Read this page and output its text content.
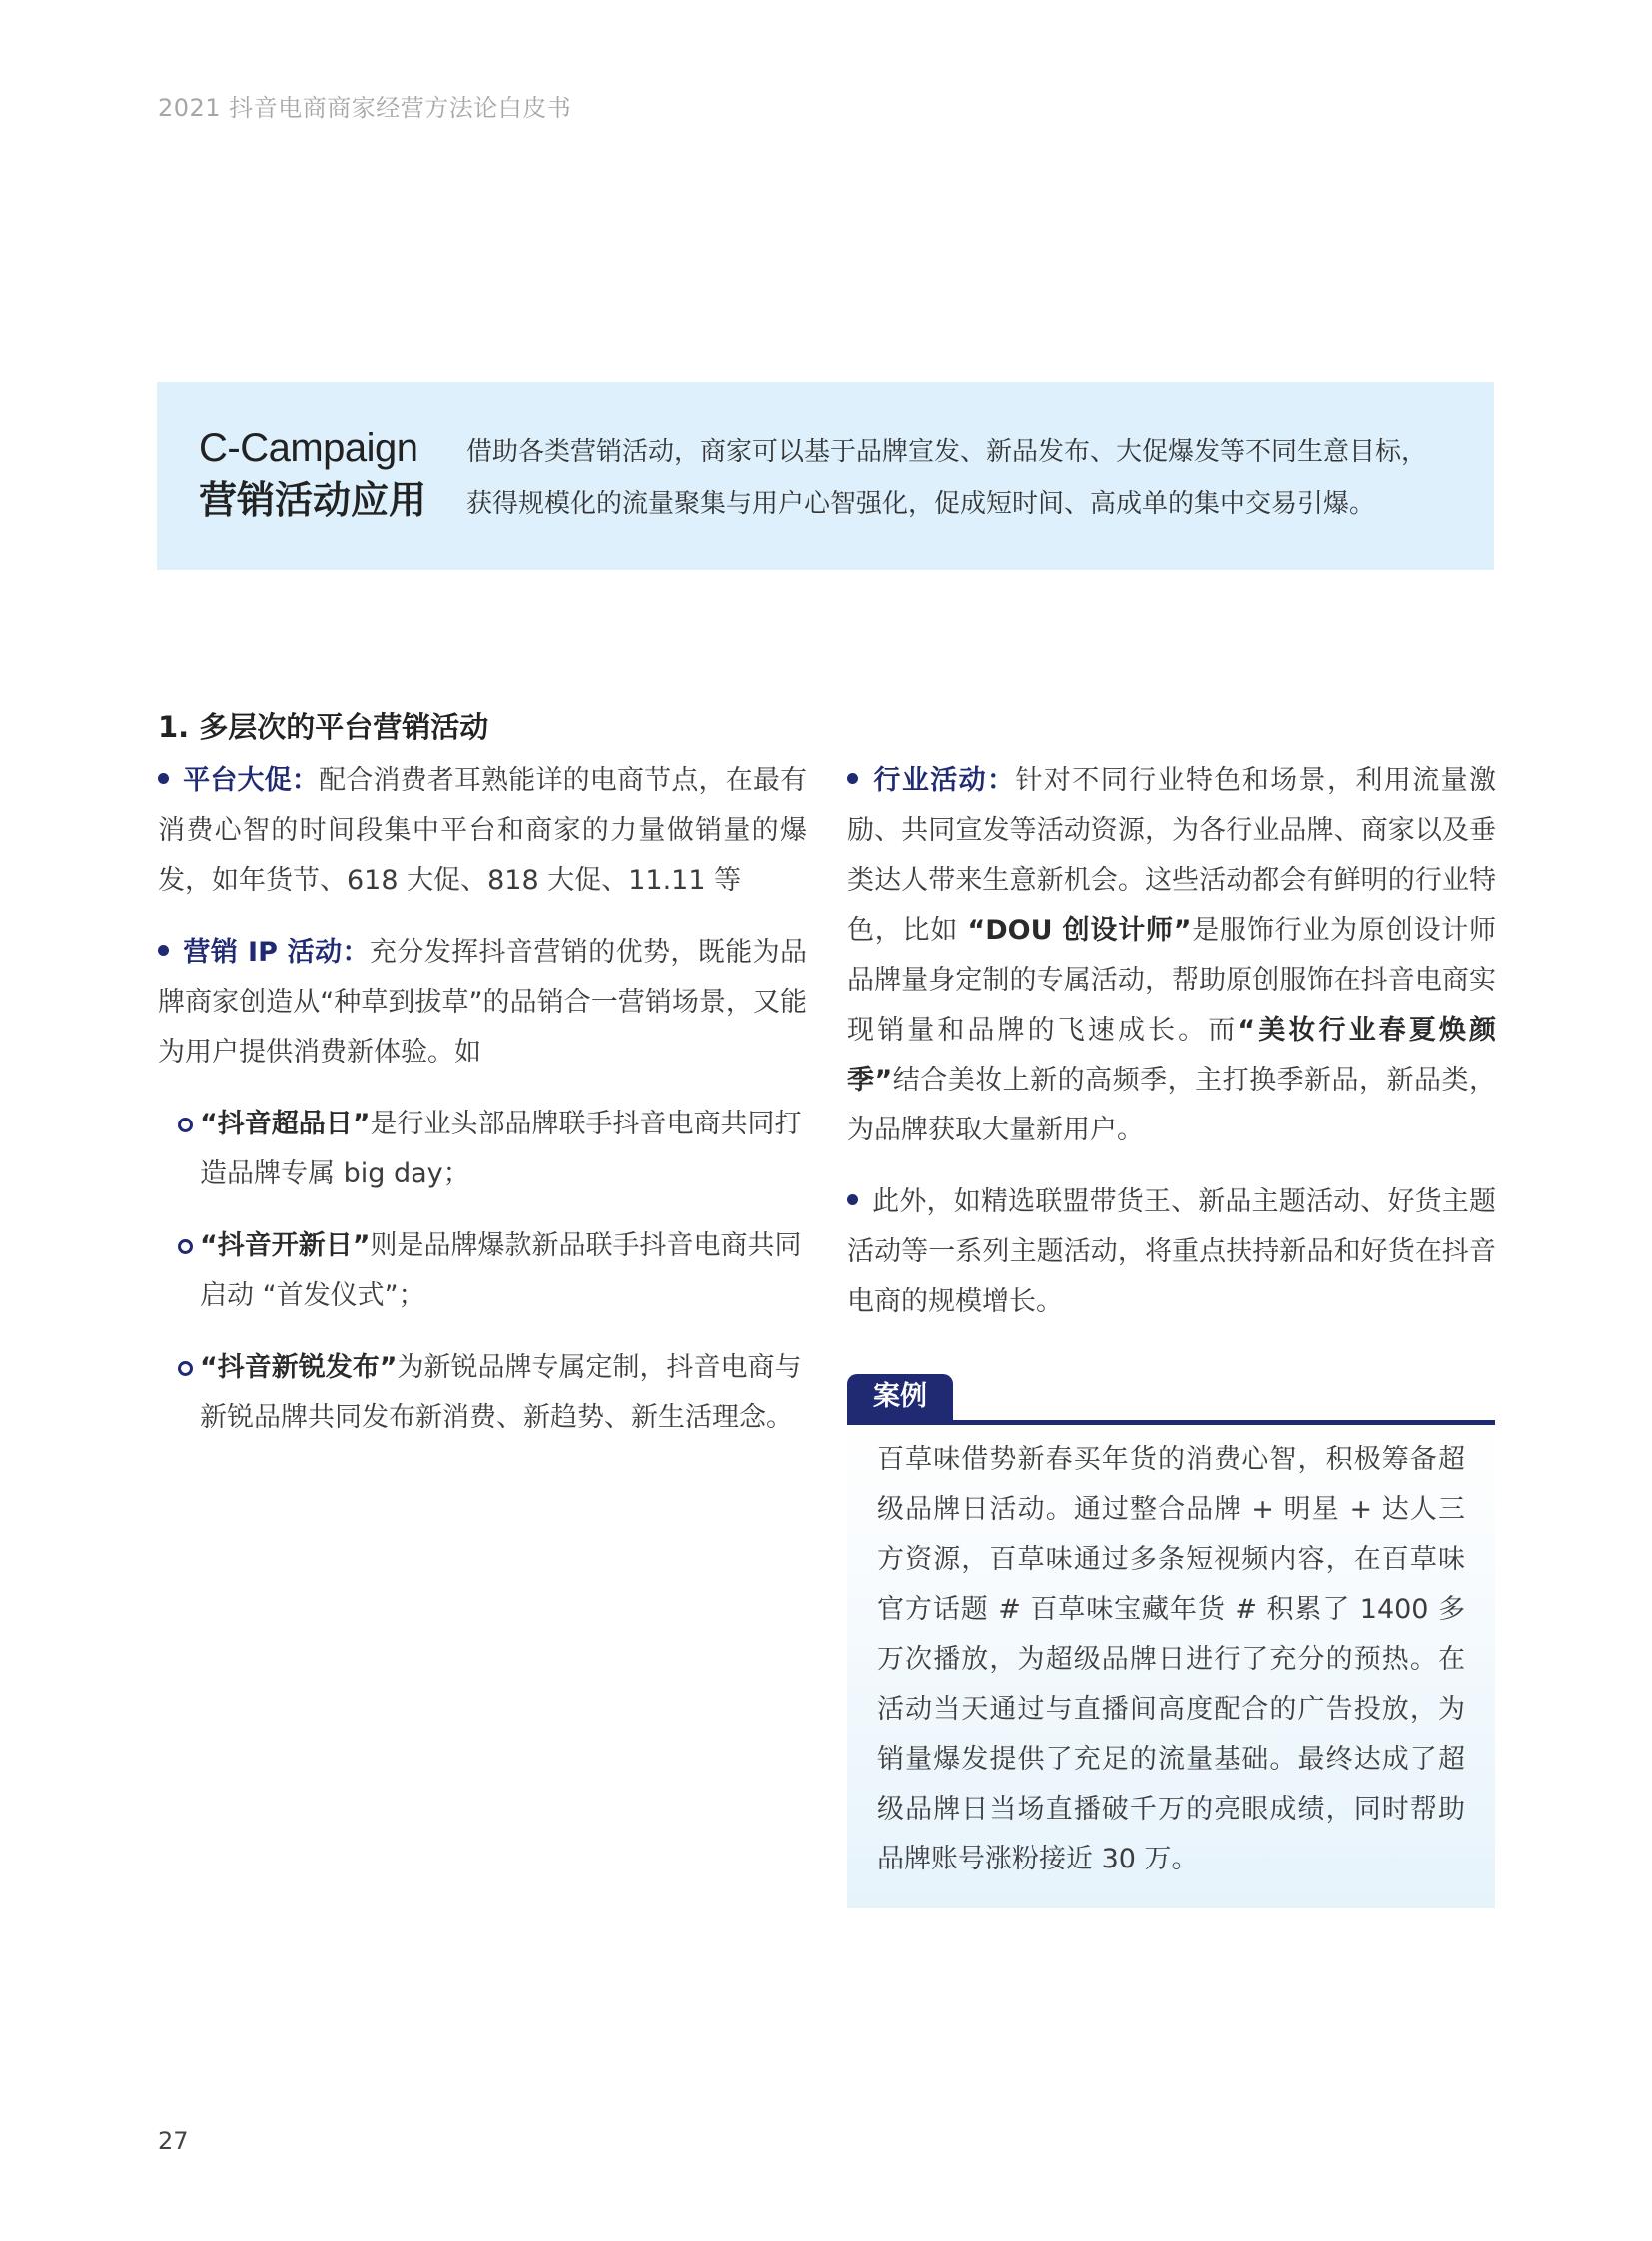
2021 抖音电商商家经营方法论白皮书
C-Campaign
营销活动应用
借助各类营销活动，商家可以基于品牌宣发、新品发布、大促爆发等不同生意目标，
获得规模化的流量聚集与用户心智强化，促成短时间、高成单的集中交易引爆。
1. 多层次的平台营销活动

平台大促：配合消费者耳熟能详的电商节点，在最有消费心智的时间段集中平台和商家的力量做销量的爆发，如年货节、618 大促、818 大促、11.11 等

营销 IP 活动：充分发挥抖音营销的优势，既能为品牌商家创造从“种草到拔草”的品销合一营销场景，又能为用户提供消费新体验。如

“抖音超品日”是行业头部品牌联手抖音电商共同打造品牌专属 big day；

“抖音开新日”则是品牌爆款新品联手抖音电商共同启动 “首发仪式”；

“抖音新锐发布”为新锐品牌专属定制，抖音电商与新锐品牌共同发布新消费、新趋势、新生活理念。

行业活动：针对不同行业特色和场景，利用流量激励、共同宣发等活动资源，为各行业品牌、商家以及垂类达人带来生意新机会。这些活动都会有鲜明的行业特色，比如 “DOU 创设计师”是服饰行业为原创设计师品牌量身定制的专属活动，帮助原创服饰在抖音电商实现销量和品牌的飞速成长。而“美妆行业春夏焕颜季”结合美妆上新的高频季，主打换季新品，新品类，为品牌获取大量新用户。

此外，如精选联盟带货王、新品主题活动、好货主题活动等一系列主题活动，将重点扶持新品和好货在抖音电商的规模增长。

案例
百草味借势新春买年货的消费心智，积极筹备超级品牌日活动。通过整合品牌 + 明星 + 达人三方资源，百草味通过多条短视频内容，在百草味官方话题 # 百草味宝藏年货 # 积累了 1400 多万次播放，为超级品牌日进行了充分的预热。在活动当天通过与直播间高度配合的广告投放，为销量爆发提供了充足的流量基础。最终达成了超级品牌日当场直播破千万的亮眼成绩，同时帮助品牌账号涨粉接近 30 万。
27
